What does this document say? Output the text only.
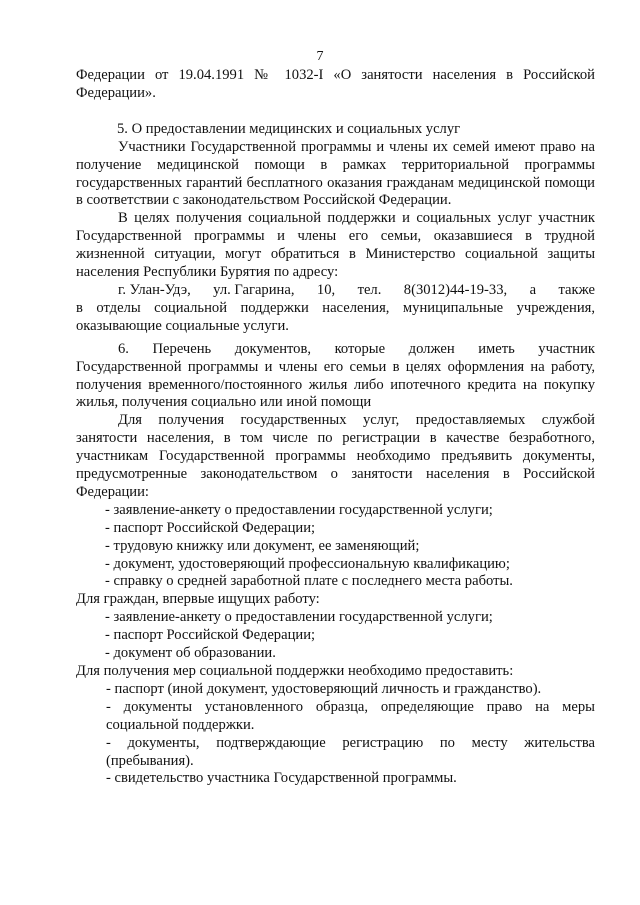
7

Федерации от 19.04.1991 № 1032-I «О занятости населения в Российской Федерации».

5. О предоставлении медицинских и социальных услуг

Участники Государственной программы и члены их семей имеют право на получение медицинской помощи в рамках территориальной программы государственных гарантий бесплатного оказания гражданам медицинской помощи в соответствии с законодательством Российской Федерации.

В целях получения социальной поддержки и социальных услуг участник Государственной программы и члены его семьи, оказавшиеся в трудной жизненной ситуации, могут обратиться в Министерство социальной защиты населения Республики Бурятия по адресу:

г. Улан-Удэ, ул. Гагарина, 10, тел. 8(3012)44-19-33, а также

в отделы социальной поддержки населения, муниципальные учреждения, оказывающие социальные услуги.

6. Перечень документов, которые должен иметь участник

Государственной программы и члены его семьи в целях оформления на работу, получения временного/постоянного жилья либо ипотечного кредита на покупку жилья, получения социально или иной помощи

Для получения государственных услуг, предоставляемых службой занятости населения, в том числе по регистрации в качестве безработного, участникам Государственной программы необходимо предъявить документы, предусмотренные законодательством о занятости населения в Российской Федерации:

- заявление-анкету о предоставлении государственной услуги;

- паспорт Российской Федерации;

- трудовую книжку или документ, ее заменяющий;

- документ, удостоверяющий профессиональную квалификацию;

- справку о средней заработной плате с последнего места работы.

Для граждан, впервые ищущих работу:

- заявление-анкету о предоставлении государственной услуги;

- паспорт Российской Федерации;

- документ об образовании.

Для получения мер социальной поддержки необходимо предоставить:

- паспорт (иной документ, удостоверяющий личность и гражданство).

- документы установленного образца, определяющие право на меры социальной поддержки.

- документы, подтверждающие регистрацию по месту жительства (пребывания).

- свидетельство участника Государственной программы.
